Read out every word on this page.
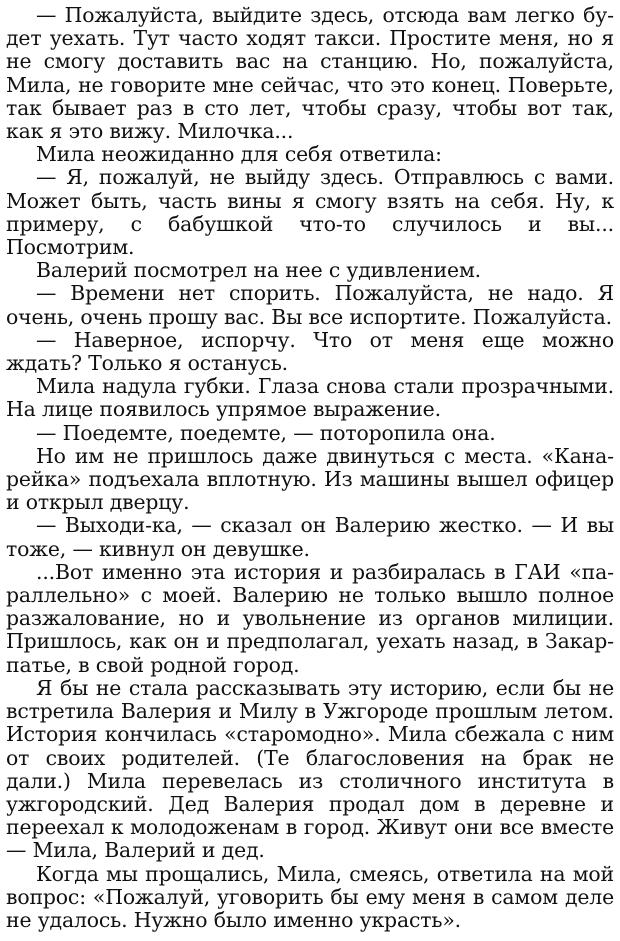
— Пожалуйста, выйдите здесь, отсюда вам легко будет уехать. Тут часто ходят такси. Простите меня, но я не смогу доставить вас на станцию. Но, пожалуйста, Мила, не говорите мне сейчас, что это конец. Поверьте, так бывает раз в сто лет, чтобы сразу, чтобы вот так, как я это вижу. Милочка...

Мила неожиданно для себя ответила:

— Я, пожалуй, не выйду здесь. Отправлюсь с вами. Может быть, часть вины я смогу взять на себя. Ну, к примеру, с бабушкой что-то случилось и вы... Посмотрим.

Валерий посмотрел на нее с удивлением.

— Времени нет спорить. Пожалуйста, не надо. Я очень, очень прошу вас. Вы все испортите. Пожалуйста.

— Наверное, испорчу. Что от меня еще можно ждать? Только я останусь.

Мила надула губки. Глаза снова стали прозрачными. На лице появилось упрямое выражение.

— Поедемте, поедемте, — поторопила она.

Но им не пришлось даже двинуться с места. «Канарейка» подъехала вплотную. Из машины вышел офицер и открыл дверцу.

— Выходи-ка, — сказал он Валерию жестко. — И вы тоже, — кивнул он девушке.

...Вот именно эта история и разбиралась в ГАИ «параллельно» с моей. Валерию не только вышло полное разжалование, но и увольнение из органов милиции. Пришлось, как он и предполагал, уехать назад, в Закарпатье, в свой родной город.

Я бы не стала рассказывать эту историю, если бы не встретила Валерия и Милу в Ужгороде прошлым летом. История кончилась «старомодно». Мила сбежала с ним от своих родителей. (Те благословения на брак не дали.) Мила перевелась из столичного института в ужгородский. Дед Валерия продал дом в деревне и переехал к молодоженам в город. Живут они все вместе — Мила, Валерий и дед.

Когда мы прощались, Мила, смеясь, ответила на мой вопрос: «Пожалуй, уговорить бы ему меня в самом деле не удалось. Нужно было именно украсть».
